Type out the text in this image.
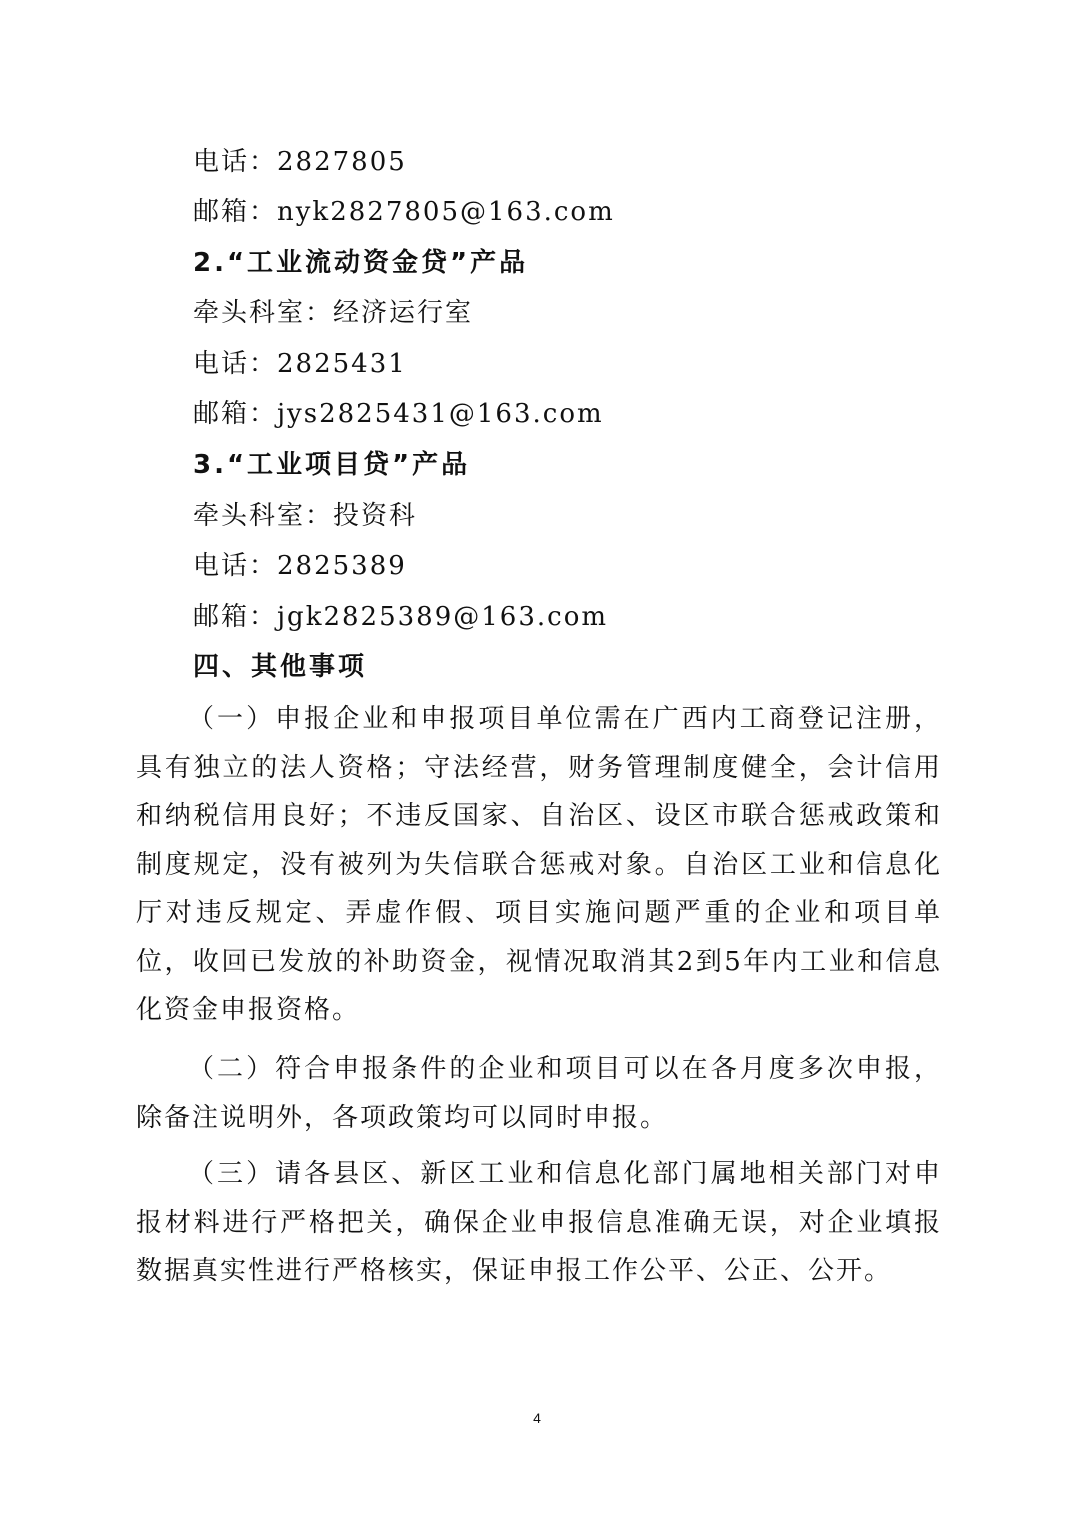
电话：2827805
邮箱：nyk2827805@163.com
2.“工业流动资金贷”产品
牵头科室：经济运行室
电话：2825431
邮箱：jys2825431@163.com
3.“工业项目贷”产品
牵头科室：投资科
电话：2825389
邮箱：jgk2825389@163.com
四、其他事项
（一）申报企业和申报项目单位需在广西内工商登记注册，具有独立的法人资格；守法经营，财务管理制度健全，会计信用和纳税信用良好；不违反国家、自治区、设区市联合惩戒政策和制度规定，没有被列为失信联合惩戒对象。自治区工业和信息化厅对违反规定、弄虚作假、项目实施问题严重的企业和项目单位，收回已发放的补助资金，视情况取消其2到5年内工业和信息化资金申报资格。
（二）符合申报条件的企业和项目可以在各月度多次申报，除备注说明外，各项政策均可以同时申报。
（三）请各县区、新区工业和信息化部门属地相关部门对申报材料进行严格把关，确保企业申报信息准确无误，对企业填报数据真实性进行严格核实，保证申报工作公平、公正、公开。
4
